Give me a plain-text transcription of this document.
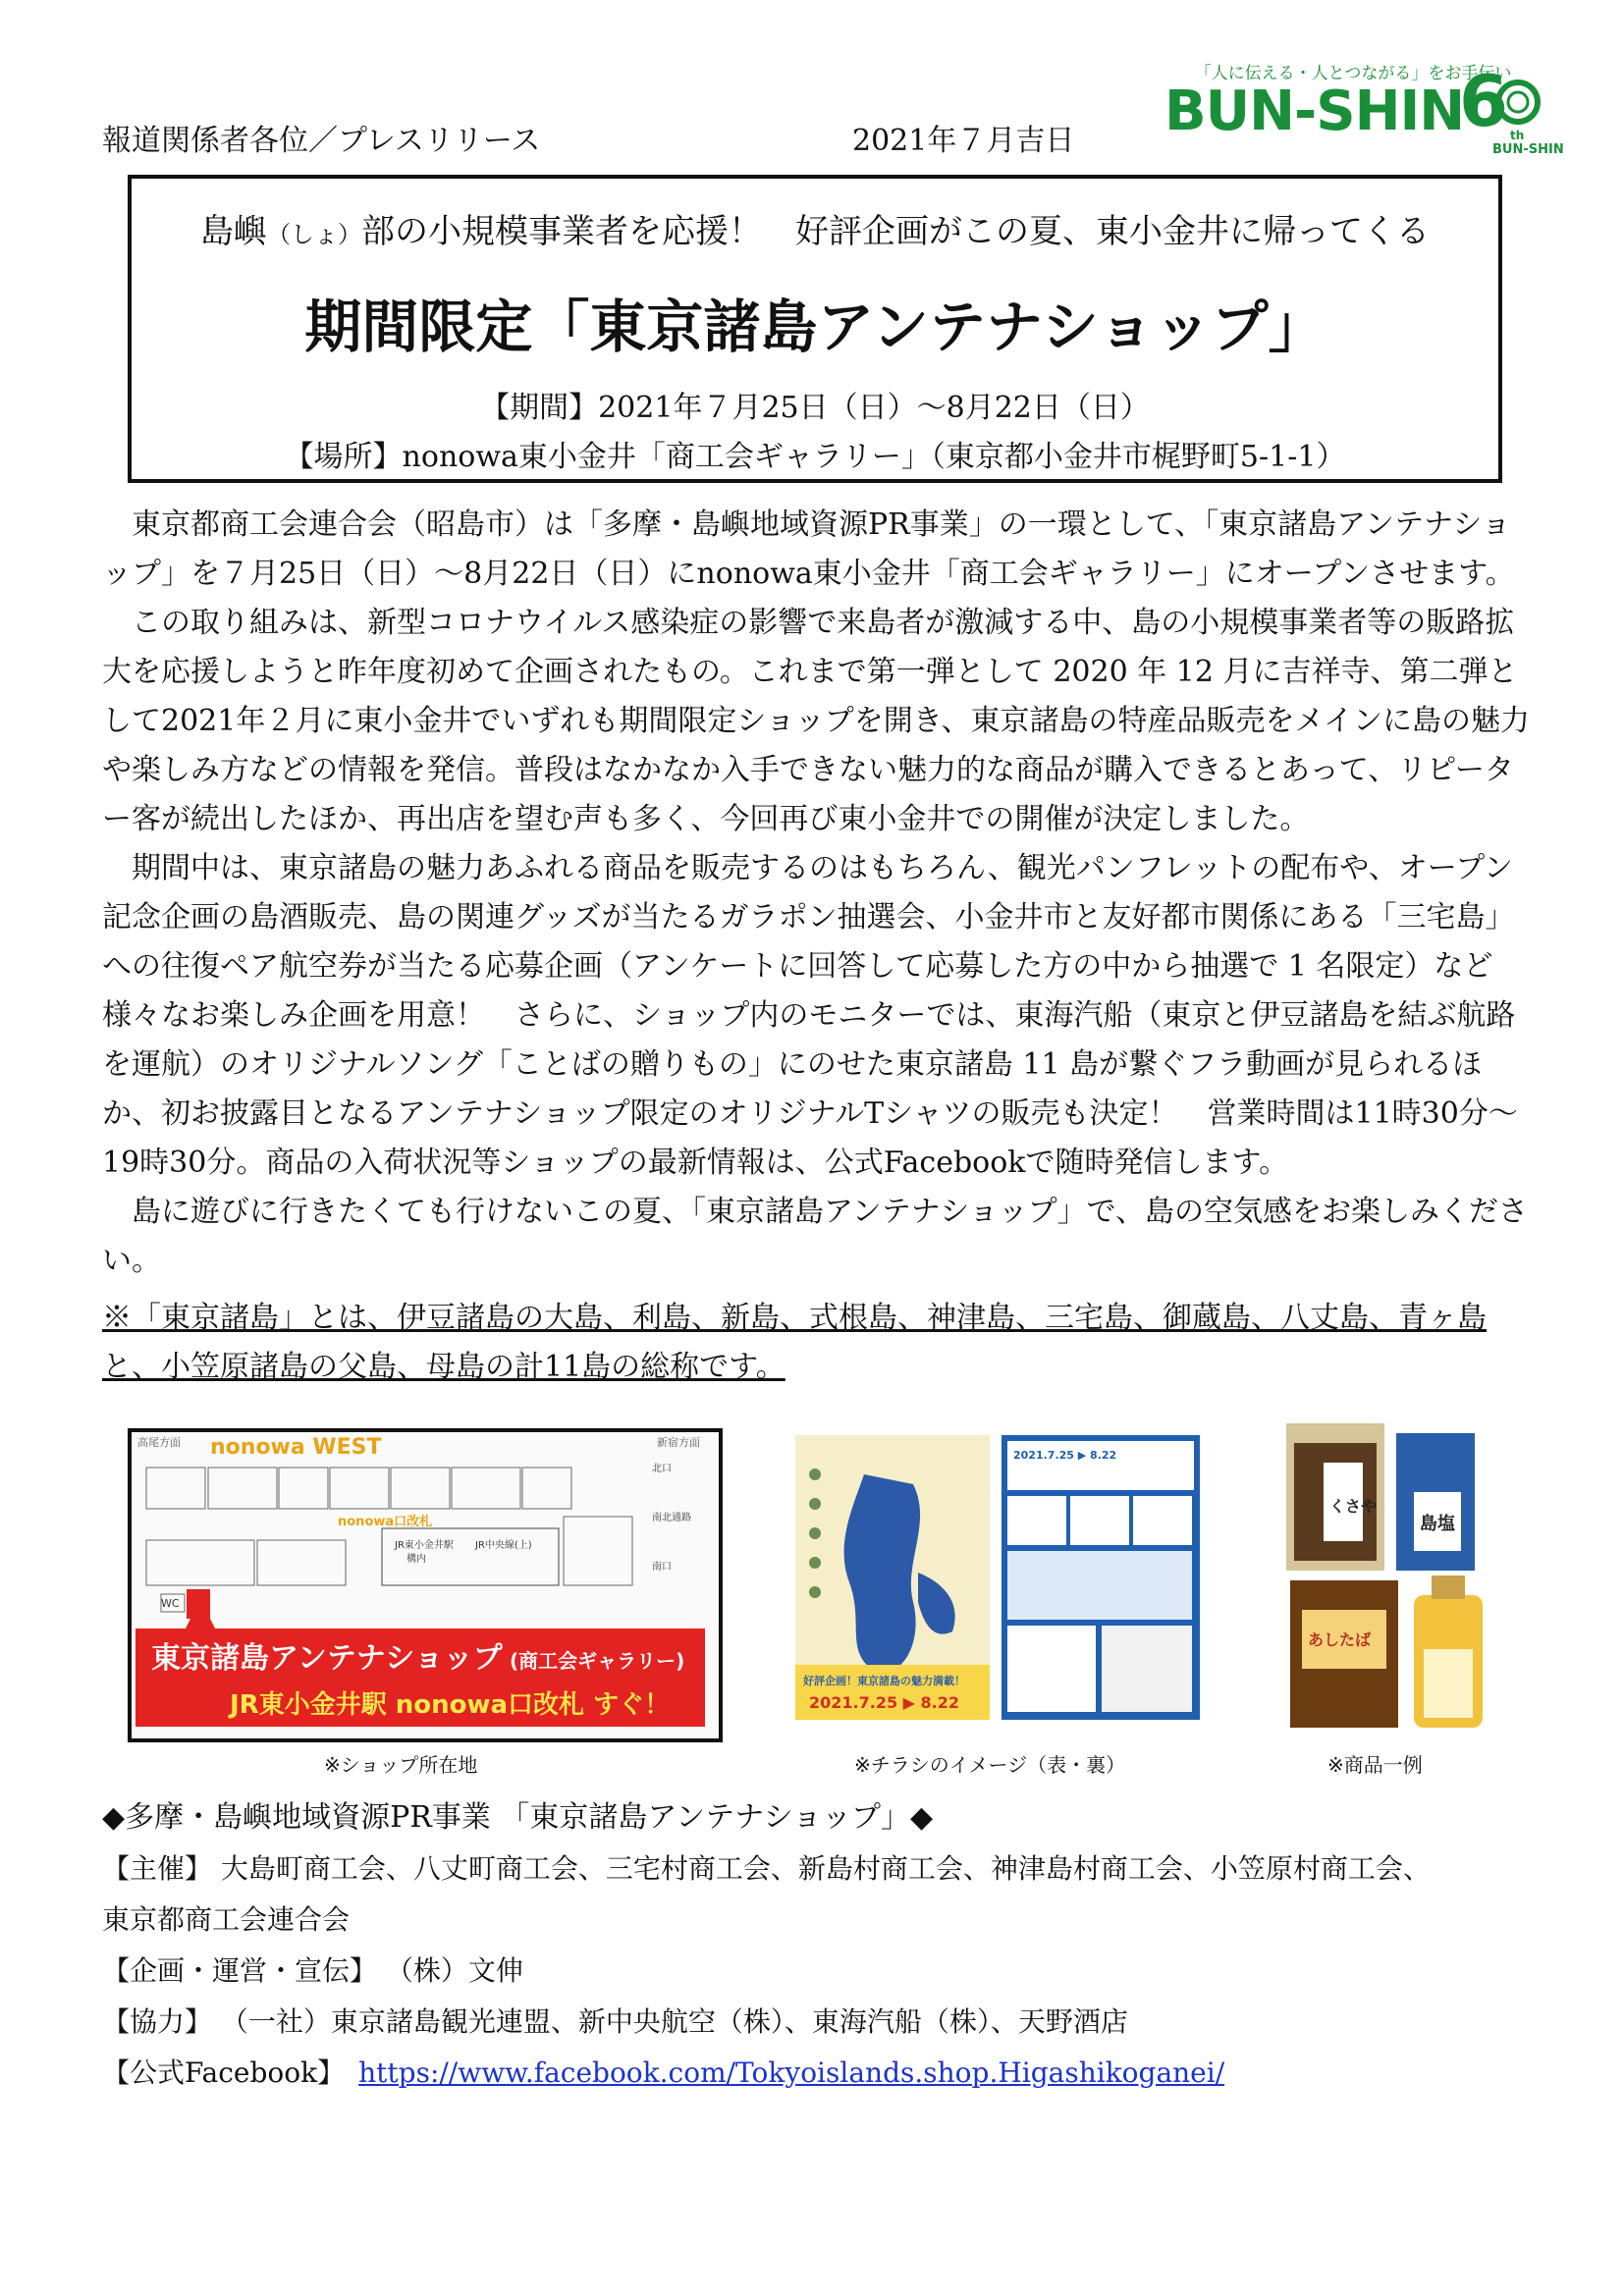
報道関係者各位／プレスリリース	2021年７月吉日
「人に伝える・人とつながる」をお手伝い
BUN-SHIN
6 th
BUN-SHIN
島嶼（しょ）部の小規模事業者を応援！　好評企画がこの夏、東小金井に帰ってくる
期間限定「東京諸島アンテナショップ」
【期間】2021年７月25日（日）～8月22日（日）
【場所】nonowa東小金井「商工会ギャラリー」（東京都小金井市梶野町5-1-1）

東京都商工会連合会（昭島市）は「多摩・島嶼地域資源PR事業」の一環として、「東京諸島アンテナショップ」を７月25日（日）～8月22日（日）にnonowa東小金井「商工会ギャラリー」にオープンさせます。

この取り組みは、新型コロナウイルス感染症の影響で来島者が激減する中、島の小規模事業者等の販路拡大を応援しようと昨年度初めて企画されたもの。これまで第一弾として 2020 年 12 月に吉祥寺、第二弾として2021年２月に東小金井でいずれも期間限定ショップを開き、東京諸島の特産品販売をメインに島の魅力や楽しみ方などの情報を発信。普段はなかなか入手できない魅力的な商品が購入できるとあって、リピーター客が続出したほか、再出店を望む声も多く、今回再び東小金井での開催が決定しました。

期間中は、東京諸島の魅力あふれる商品を販売するのはもちろん、観光パンフレットの配布や、オープン記念企画の島酒販売、島の関連グッズが当たるガラポン抽選会、小金井市と友好都市関係にある「三宅島」への往復ペア航空券が当たる応募企画（アンケートに回答して応募した方の中から抽選で 1 名限定）など様々なお楽しみ企画を用意！　さらに、ショップ内のモニターでは、東海汽船（東京と伊豆諸島を結ぶ航路を運航）のオリジナルソング「ことばの贈りもの」にのせた東京諸島 11 島が繋ぐフラ動画が見られるほか、初お披露目となるアンテナショップ限定のオリジナルTシャツの販売も決定！　営業時間は11時30分～19時30分。商品の入荷状況等ショップの最新情報は、公式Facebookで随時発信します。

島に遊びに行きたくても行けないこの夏、「東京諸島アンテナショップ」で、島の空気感をお楽しみください。

※「東京諸島」とは、伊豆諸島の大島、利島、新島、式根島、神津島、三宅島、御蔵島、八丈島、青ヶ島と、小笠原諸島の父島、母島の計11島の総称です。
高尾方面	新宿方面
nonowa WEST
nonowa口改札
JR東小金井駅
構内
JR中央線(上)
北口
南北通路
南口
WC
東京諸島アンテナショップ (商工会ギャラリー)
JR東小金井駅 nonowa口改札 すぐ！
※ショップ所在地
好評企画！東京諸島の魅力満載！
2021.7.25 ▶ 8.22
2021.7.25 ▶ 8.22
※チラシのイメージ（表・裏）
くさや
島塩
あしたば
※商品一例
◆多摩・島嶼地域資源PR事業 「東京諸島アンテナショップ」◆
【主催】 大島町商工会、八丈町商工会、三宅村商工会、新島村商工会、神津島村商工会、小笠原村商工会、
東京都商工会連合会
【企画・運営・宣伝】 （株）文伸
【協力】 （一社）東京諸島観光連盟、新中央航空（株）、東海汽船（株）、天野酒店
【公式Facebook】　 https://www.facebook.com/Tokyoislands.shop.Higashikoganei/
